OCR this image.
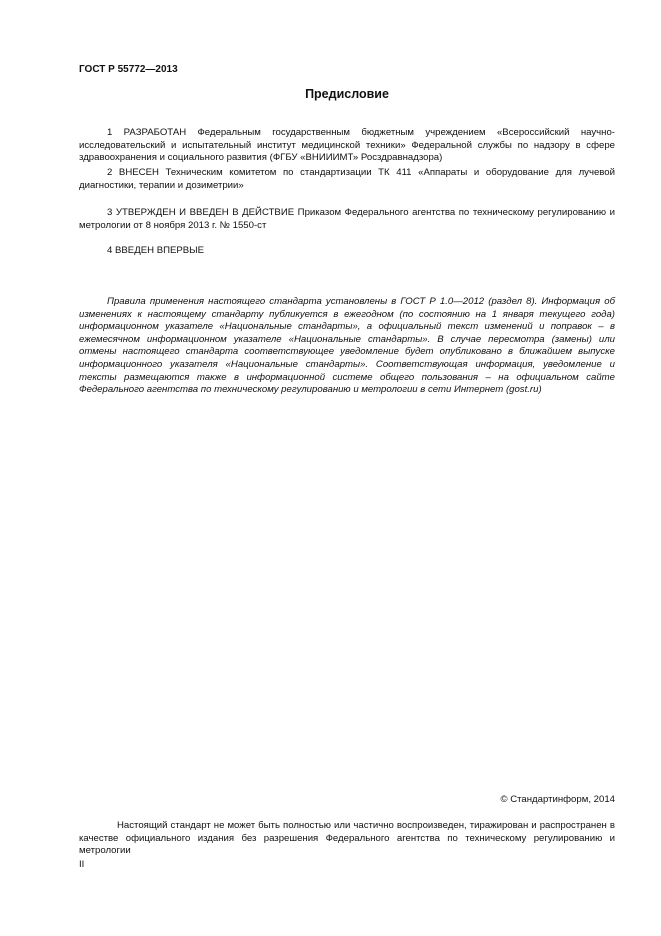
ГОСТ Р 55772—2013
Предисловие
1 РАЗРАБОТАН Федеральным государственным бюджетным учреждением «Всероссийский научно-исследовательский и испытательный институт медицинской техники» Федеральной службы по надзору в сфере здравоохранения и социального развития (ФГБУ «ВНИИИМТ» Росздравнадзора)
2 ВНЕСЕН Техническим комитетом по стандартизации ТК 411 «Аппараты и оборудование для лучевой диагностики, терапии и дозиметрии»
3 УТВЕРЖДЕН И ВВЕДЕН В ДЕЙСТВИЕ Приказом Федерального агентства по техническому регулированию и метрологии от 8 ноября 2013 г. № 1550-ст
4 ВВЕДЕН ВПЕРВЫЕ
Правила применения настоящего стандарта установлены в ГОСТ Р 1.0—2012 (раздел 8). Информация об изменениях к настоящему стандарту публикуется в ежегодном (по состоянию на 1 января текущего года) информационном указателе «Национальные стандарты», а официальный текст изменений и поправок – в ежемесячном информационном указателе «Национальные стандарты». В случае пересмотра (замены) или отмены настоящего стандарта соответствующее уведомление будет опубликовано в ближайшем выпуске информационного указателя «Национальные стандарты». Соответствующая информация, уведомление и тексты размещаются также в информационной системе общего пользования – на официальном сайте Федерального агентства по техническому регулированию и метрологии в сети Интернет (gost.ru)
© Стандартинформ, 2014
Настоящий стандарт не может быть полностью или частично воспроизведен, тиражирован и распространен в качестве официального издания без разрешения Федерального агентства по техническому регулированию и метрологии
II
